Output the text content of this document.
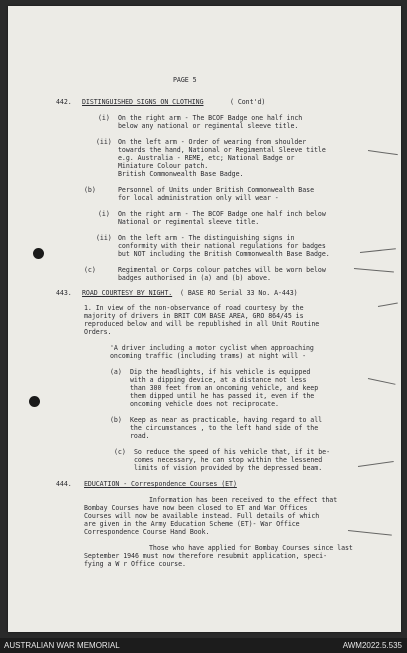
PAGE 5
442. DISTINGUISHED SIGNS ON CLOTHING	( Cont'd)
(i) On the right arm - The BCOF Badge one half inch
below any national or regimental sleeve title.
(ii) On the left arm - Order of wearing from shoulder
towards the hand, National or Regimental Sleeve title
e.g. Australia - REME, etc; National Badge or
Miniature Colour patch.
British Commonwealth Base Badge.
(b)	Personnel of Units under British Commonwealth Base
for local administration only will wear -
(i) On the right arm - The BCOF Badge one half inch below
National or regimental sleeve title.
(ii) On the left arm - The distinguishing signs in
conformity with their national regulations for badges
but NOT including the British Commonwealth Base Badge.
(c)	Regimental or Corps colour patches will be worn below
badges authorised in (a) and (b) above.
443. ROAD COURTESY BY NIGHT. ( BASE RO Serial 33 No. A-443)
1. In view of the non-observance of road courtesy by the
majority of drivers in BRIT COM BASE AREA, GRO 864/45 is
reproduced below and will be republished in all Unit Routine
Orders.
'A driver including a motor cyclist when approaching
oncoming traffic (including trams) at night will -
(a) Dip the headlights, if his vehicle is equipped
with a dipping device, at a distance not less
than 300 feet from an oncoming vehicle, and keep
them dipped until he has passed it, even if the
oncoming vehicle does not reciprocate.
(b) Keep as near as practicable, having regard to all
the circumstances , to the left hand side of the
road.
(c) So reduce the speed of his vehicle that, if it be-
comes necessary, he can stop within the lessened
limits of vision provided by the depressed beam.
444. EDUCATION - Correspondence Courses (ET)
Information has been received to the effect that
Bombay Courses have now been closed to ET and War Offices
Courses will now be available instead. Full details of which
are given in the Army Education Scheme (ET)- War Office
Correspondence Course Hand Book.
Those who have applied for Bombay Courses since last
September 1946 must now therefore resubmit application, speci-
fying a W r Office course.
AUSTRALIAN WAR MEMORIAL	AWM2022.5.535
